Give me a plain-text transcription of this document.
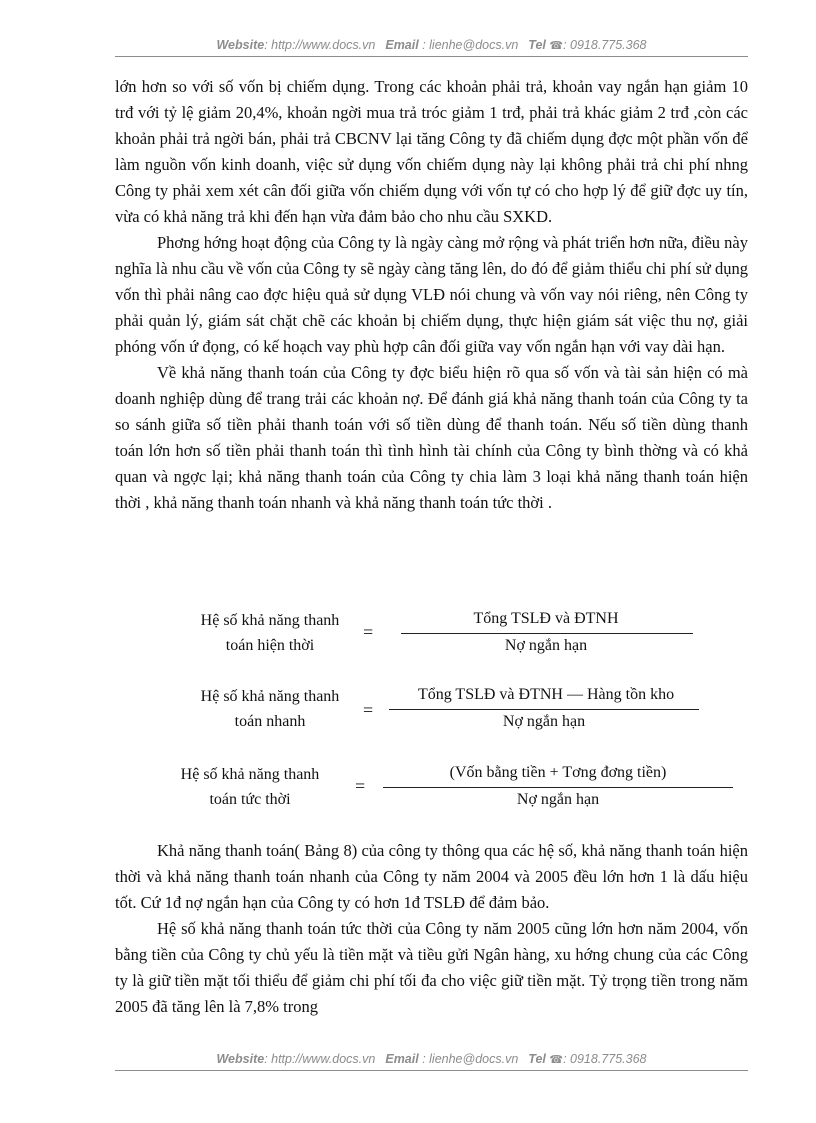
Website: http://www.docs.vn Email : lienhe@docs.vn Tel ☎: 0918.775.368

lớn hơn so với số vốn bị chiếm dụng. Trong các khoản phải trả, khoản vay ngắn hạn giảm 10 trđ với tỷ lệ giảm 20,4%, khoản ngời mua trả tróc giảm 1 trđ, phải trả khác giảm 2 trđ ,còn các khoản phải trả ngời bán, phải trả CBCNV lại tăng Công ty đã chiếm dụng đợc một phần vốn để làm nguồn vốn kinh doanh, việc sử dụng vốn chiếm dụng này lại không phải trả chi phí nhng Công ty phải xem xét cân đối giữa vốn chiếm dụng với vốn tự có cho hợp lý để giữ đợc uy tín, vừa có khả năng trả khi đến hạn vừa đảm bảo cho nhu cầu SXKD.

Phơng hớng hoạt động của Công ty là ngày càng mở rộng và phát triển hơn nữa, điều này nghĩa là nhu cầu về vốn của Công ty sẽ ngày càng tăng lên, do đó để giảm thiểu chi phí sử dụng vốn thì phải nâng cao đợc hiệu quả sử dụng VLĐ nói chung và vốn vay nói riêng, nên Công ty phải quản lý, giám sát chặt chẽ các khoản bị chiếm dụng, thực hiện giám sát việc thu nợ, giải phóng vốn ứ đọng, có kế hoạch vay phù hợp cân đối giữa vay vốn ngắn hạn với vay dài hạn.

Về khả năng thanh toán của Công ty đợc biểu hiện rõ qua số vốn và tài sản hiện có mà doanh nghiệp dùng để trang trải các khoản nợ. Để đánh giá khả năng thanh toán của Công ty ta so sánh giữa số tiền phải thanh toán với số tiền dùng để thanh toán. Nếu số tiền dùng thanh toán lớn hơn số tiền phải thanh toán thì tình hình tài chính của Công ty bình thờng và có khả quan và ngợc lại; khả năng thanh toán của Công ty chia làm 3 loại khả năng thanh toán hiện thời , khả năng thanh toán nhanh và khả năng thanh toán tức thời .

Hệ số khả năng thanh
toán hiện thời
=
Tổng TSLĐ và ĐTNH
Nợ ngắn hạn
Hệ số khả năng thanh
toán nhanh
=
Tổng TSLĐ và ĐTNH — Hàng tồn kho
Nợ ngắn hạn
Hệ số khả năng thanh
toán tức thời
=
(Vốn bằng tiền + Tơng đơng tiền)
Nợ ngắn hạn

Khả năng thanh toán( Bảng 8) của công ty thông qua các hệ số, khả năng thanh toán hiện thời và khả năng thanh toán nhanh của Công ty năm 2004 và 2005 đều lớn hơn 1 là dấu hiệu tốt. Cứ 1đ nợ ngắn hạn của Công ty có hơn 1đ TSLĐ để đảm bảo.

Hệ số khả năng thanh toán tức thời của Công ty năm 2005 cũng lớn hơn năm 2004, vốn bằng tiền của Công ty chủ yếu là tiền mặt và tiều gửi Ngân hàng, xu hớng chung của các Công ty là giữ tiền mặt tối thiểu để giảm chi phí tối đa cho việc giữ tiền mặt. Tỷ trọng tiền trong năm 2005 đã tăng lên là 7,8% trong

Website: http://www.docs.vn Email : lienhe@docs.vn Tel ☎: 0918.775.368
